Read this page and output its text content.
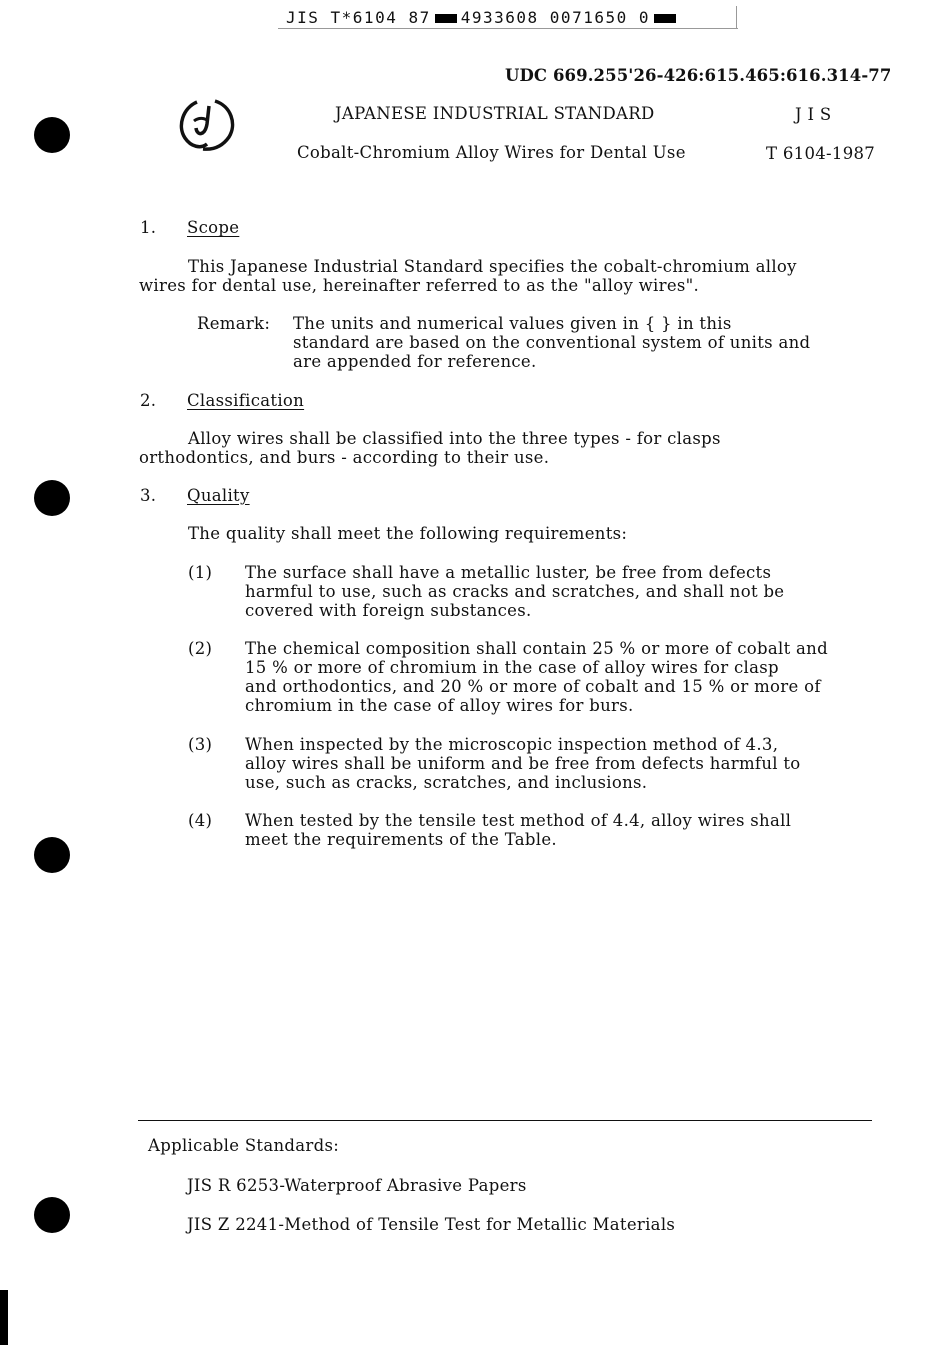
JIS T*6104 87 4933608 0071650 0
UDC 669.255'26-426:615.465:616.314-77
JAPANESE INDUSTRIAL STANDARD	J I S
Cobalt-Chromium Alloy Wires for Dental Use	T 6104-1987
1. Scope
This Japanese Industrial Standard specifies the cobalt-chromium alloy
wires for dental use, hereinafter referred to as the "alloy wires".
Remark: The units and numerical values given in { } in this
standard are based on the conventional system of units and
are appended for reference.
2. Classification
Alloy wires shall be classified into the three types - for clasps
orthodontics, and burs - according to their use.
3. Quality
The quality shall meet the following requirements:
(1) The surface shall have a metallic luster, be free from defects
harmful to use, such as cracks and scratches, and shall not be
covered with foreign substances.
(2) The chemical composition shall contain 25 % or more of cobalt and
15 % or more of chromium in the case of alloy wires for clasp
and orthodontics, and 20 % or more of cobalt and 15 % or more of
chromium in the case of alloy wires for burs.
(3) When inspected by the microscopic inspection method of 4.3,
alloy wires shall be uniform and be free from defects harmful to
use, such as cracks, scratches, and inclusions.
(4) When tested by the tensile test method of 4.4, alloy wires shall
meet the requirements of the Table.
Applicable Standards:
JIS R 6253-Waterproof Abrasive Papers
JIS Z 2241-Method of Tensile Test for Metallic Materials
